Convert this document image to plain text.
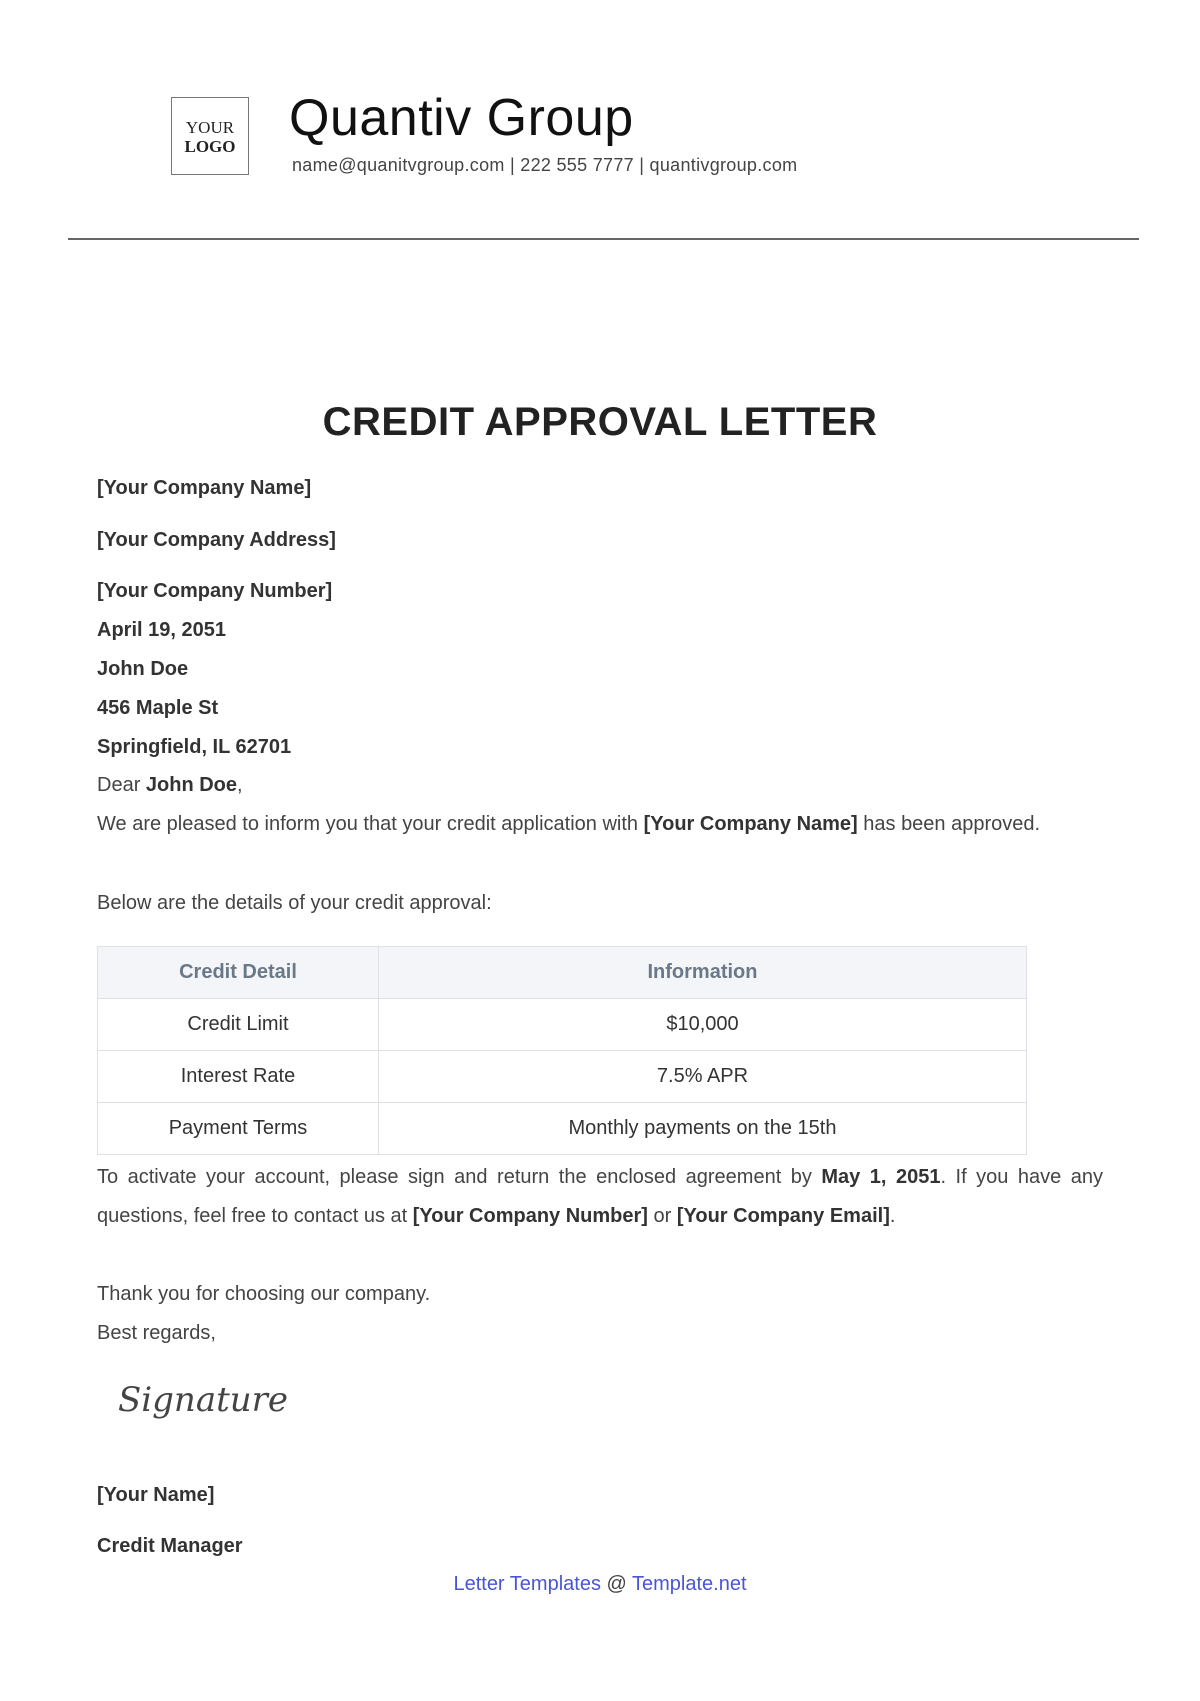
YOUR
LOGO Quantiv Group
name@quanitvgroup.com | 222 555 7777 | quantivgroup.com
CREDIT APPROVAL LETTER
[Your Company Name]
[Your Company Address]
[Your Company Number]
April 19, 2051
John Doe
456 Maple St
Springfield, IL 62701
Dear John Doe,
We are pleased to inform you that your credit application with [Your Company Name] has been approved.
Below are the details of your credit approval:
Credit Detail	Information
Credit Limit	$10,000
Interest Rate	7.5% APR
Payment Terms	Monthly payments on the 15th
To activate your account, please sign and return the enclosed agreement by May 1, 2051. If you have any questions, feel free to contact us at [Your Company Number] or [Your Company Email].
Thank you for choosing our company.
Best regards,
Signature
[Your Name]
Credit Manager
Letter Templates @ Template.net
